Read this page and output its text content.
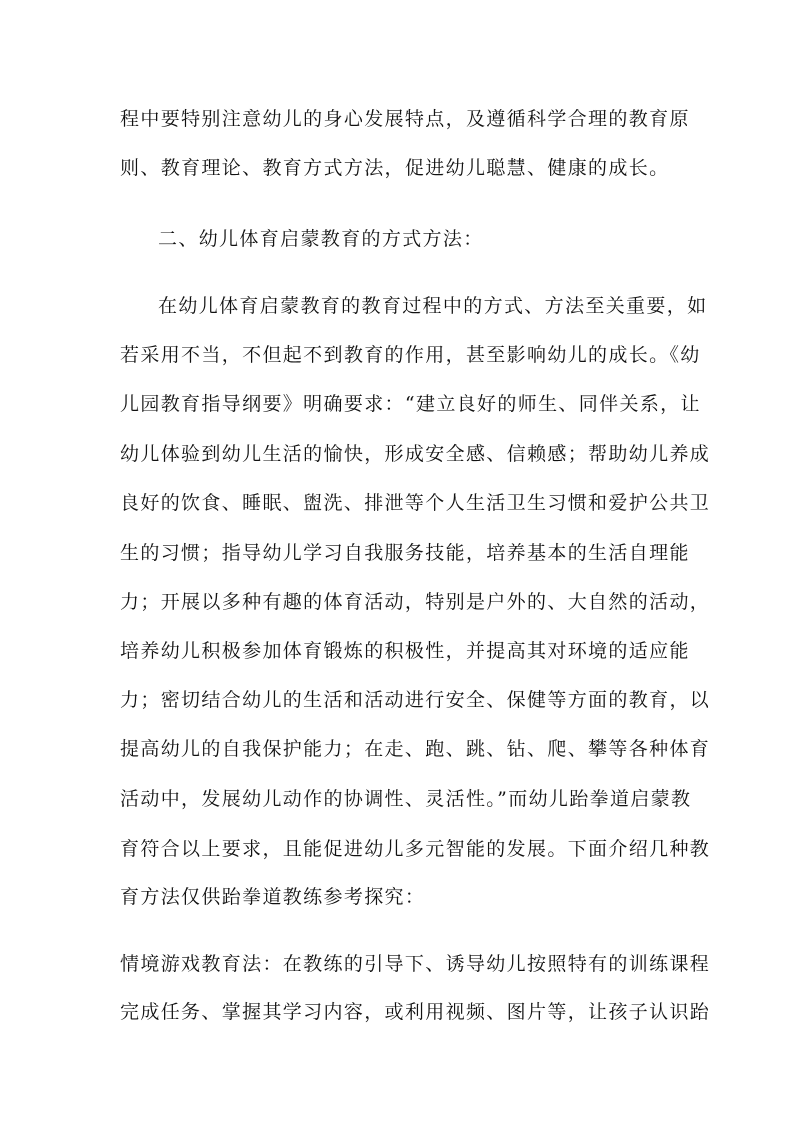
程中要特别注意幼儿的身心发展特点，及遵循科学合理的教育原
则、教育理论、教育方式方法，促进幼儿聪慧、健康的成长。
二、幼儿体育启蒙教育的方式方法：
在幼儿体育启蒙教育的教育过程中的方式、方法至关重要，如
若采用不当，不但起不到教育的作用，甚至影响幼儿的成长。《幼
儿园教育指导纲要》明确要求：“建立良好的师生、同伴关系，让
幼儿体验到幼儿生活的愉快，形成安全感、信赖感；帮助幼儿养成
良好的饮食、睡眠、盥洗、排泄等个人生活卫生习惯和爱护公共卫
生的习惯；指导幼儿学习自我服务技能，培养基本的生活自理能
力；开展以多种有趣的体育活动，特别是户外的、大自然的活动，
培养幼儿积极参加体育锻炼的积极性，并提高其对环境的适应能
力；密切结合幼儿的生活和活动进行安全、保健等方面的教育，以
提高幼儿的自我保护能力；在走、跑、跳、钻、爬、攀等各种体育
活动中，发展幼儿动作的协调性、灵活性。”而幼儿跆拳道启蒙教
育符合以上要求，且能促进幼儿多元智能的发展。下面介绍几种教
育方法仅供跆拳道教练参考探究：
情境游戏教育法：在教练的引导下、诱导幼儿按照特有的训练课程
完成任务、掌握其学习内容，或利用视频、图片等，让孩子认识跆
